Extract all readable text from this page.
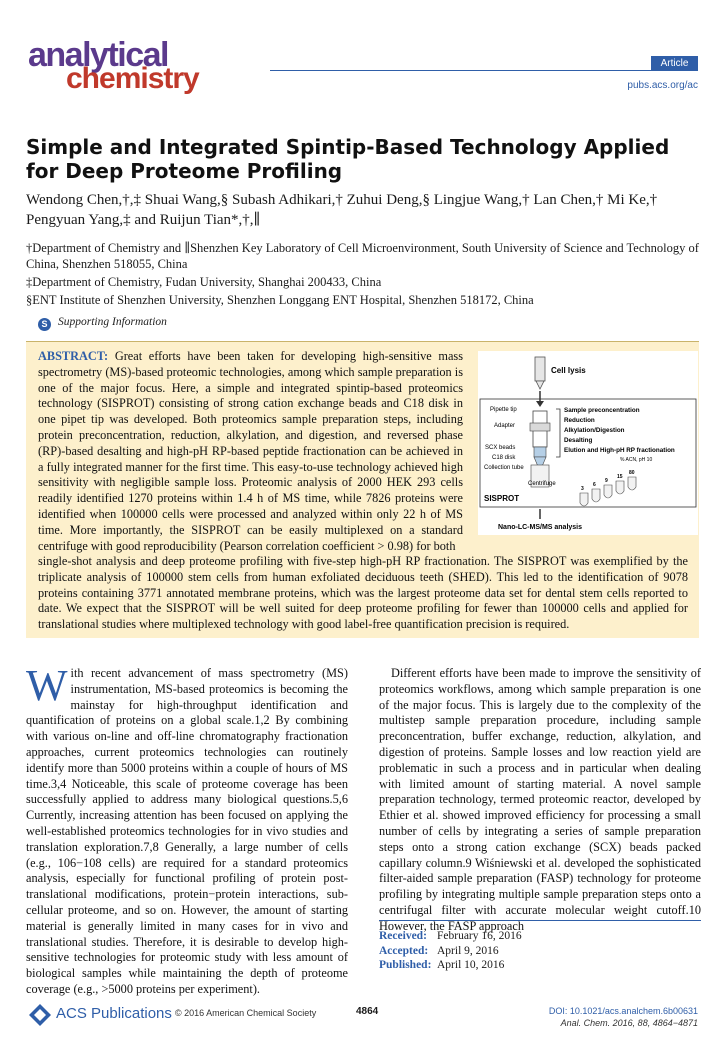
analytical
chemistry	Article
pubs.acs.org/ac
Simple and Integrated Spintip-Based Technology Applied for Deep Proteome Profiling
Wendong Chen,†,‡ Shuai Wang,§ Subash Adhikari,† Zuhui Deng,§ Lingjue Wang,† Lan Chen,† Mi Ke,†
Pengyuan Yang,‡ and Ruijun Tian*,†,∥
†Department of Chemistry and ∥Shenzhen Key Laboratory of Cell Microenvironment, South University of Science and Technology of China, Shenzhen 518055, China
‡Department of Chemistry, Fudan University, Shanghai 200433, China
§ENT Institute of Shenzhen University, Shenzhen Longgang ENT Hospital, Shenzhen 518172, China
S Supporting Information
ABSTRACT: Great efforts have been taken for developing high-sensitive mass spectrometry (MS)-based proteomic technologies, among which sample preparation is one of the major focus. Here, a simple and integrated spintip-based proteomics technology (SISPROT) consisting of strong cation exchange beads and C18 disk in one pipet tip was developed. Both proteomics sample preparation steps, including protein preconcentration, reduction, alkylation, and digestion, and reversed phase (RP)-based desalting and high-pH RP-based peptide fractionation can be achieved in a fully integrated manner for the first time. This easy-to-use technology achieved high sensitivity with negligible sample loss. Proteomic analysis of 2000 HEK 293 cells readily identified 1270 proteins within 1.4 h of MS time, while 7826 proteins were identified when 100000 cells were processed and analyzed within only 22 h of MS time. More importantly, the SISPROT can be easily multiplexed on a standard centrifuge with good reproducibility (Pearson correlation coefficient > 0.98) for both
single-shot analysis and deep proteome profiling with five-step high-pH RP fractionation. The SISPROT was exemplified by the triplicate analysis of 100000 stem cells from human exfoliated deciduous teeth (SHED). This led to the identification of 9078 proteins containing 3771 annotated membrane proteins, which was the largest proteome data set for dental stem cells reported to date. We expect that the SISPROT will be well suited for deep proteome profiling for fewer than 100000 cells and applied for translational studies where multiplexed technology with good label-free quantification precision is required.
Cell lysis
Pipette tip
Adapter
SCX beads
C18 disk
Collection tube
Centrifuge
Sample preconcentration
Reduction
Alkylation/Digestion
Desalting
Elution and High-pH RP fractionation
% ACN, pH 10
3
6
9
15
80
SISPROT
Nano-LC-MS/MS analysis
W ith recent advancement of mass spectrometry (MS) instrumentation, MS-based proteomics is becoming the mainstay for high-throughput identification and quantification of proteins on a global scale.1,2 By combining with various on-line and off-line chromatography fractionation approaches, current proteomics technologies can routinely identify more than 5000 proteins within a couple of hours of MS time.3,4 Noticeable, this scale of proteome coverage has been successfully applied to address many biological questions.5,6 Currently, increasing attention has been focused on applying the well-established proteomics technologies for in vivo studies and translation exploration.7,8 Generally, a large number of cells (e.g., 106−108 cells) are required for a standard proteomics analysis, especially for functional profiling of protein post-translational modifications, protein−protein interactions, sub-cellular proteome, and so on. However, the amount of starting material is generally limited in many cases for in vivo and translational studies. Therefore, it is desirable to develop high-sensitive technologies for proteomic study with less amount of biological samples while maintaining the depth of proteome coverage (e.g., >5000 proteins per experiment).
Different efforts have been made to improve the sensitivity of proteomics workflows, among which sample preparation is one of the major focus. This is largely due to the complexity of the multistep sample preparation procedure, including sample preconcentration, buffer exchange, reduction, alkylation, and digestion of proteins. Sample losses and low reaction yield are problematic in such a process and in particular when dealing with limited amount of starting material. A novel sample preparation technology, termed proteomic reactor, developed by Ethier et al. showed improved efficiency for processing a small number of cells by integrating a series of sample preparation steps onto a strong cation exchange (SCX) beads packed capillary column.9 Wiśniewski et al. developed the sophisticated filter-aided sample preparation (FASP) technology for proteome profiling by integrating multiple sample preparation steps onto a centrifugal filter with accurate molecular weight cutoff.10 However, the FASP approach
Received: February 16, 2016
Accepted: April 9, 2016
Published: April 10, 2016
ACS Publications © 2016 American Chemical Society	4864	DOI: 10.1021/acs.analchem.6b00631
Anal. Chem. 2016, 88, 4864−4871
